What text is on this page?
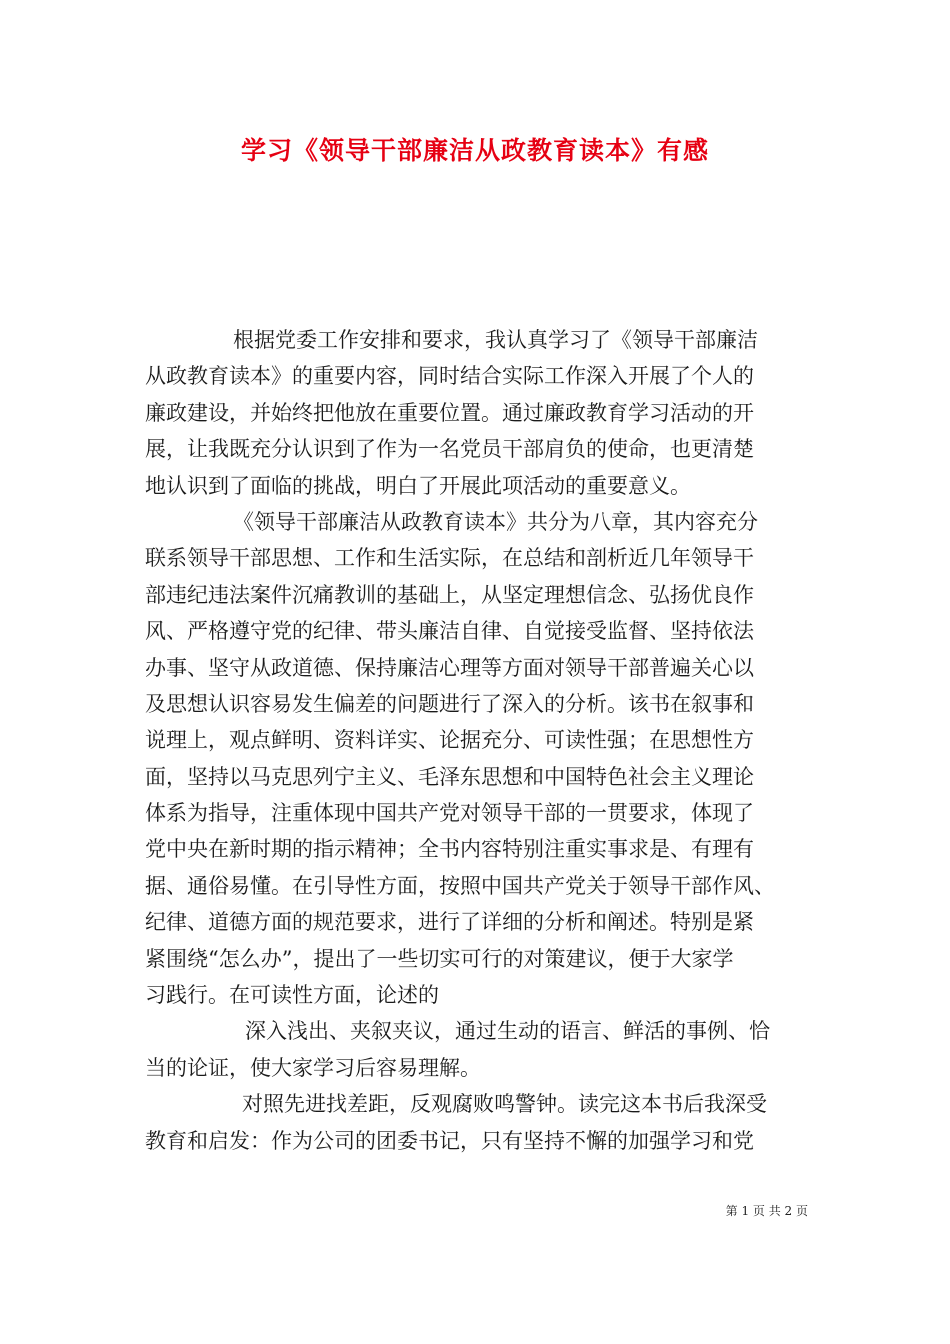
学习《领导干部廉洁从政教育读本》有感
根据党委工作安排和要求，我认真学习了《领导干部廉洁
从政教育读本》的重要内容，同时结合实际工作深入开展了个人的
廉政建设，并始终把他放在重要位置。通过廉政教育学习活动的开
展，让我既充分认识到了作为一名党员干部肩负的使命，也更清楚
地认识到了面临的挑战，明白了开展此项活动的重要意义。
《领导干部廉洁从政教育读本》共分为八章，其内容充分
联系领导干部思想、工作和生活实际，在总结和剖析近几年领导干
部违纪违法案件沉痛教训的基础上，从坚定理想信念、弘扬优良作
风、严格遵守党的纪律、带头廉洁自律、自觉接受监督、坚持依法
办事、坚守从政道德、保持廉洁心理等方面对领导干部普遍关心以
及思想认识容易发生偏差的问题进行了深入的分析。该书在叙事和
说理上，观点鲜明、资料详实、论据充分、可读性强；在思想性方
面，坚持以马克思列宁主义、毛泽东思想和中国特色社会主义理论
体系为指导，注重体现中国共产党对领导干部的一贯要求，体现了
党中央在新时期的指示精神；全书内容特别注重实事求是、有理有
据、通俗易懂。在引导性方面，按照中国共产党关于领导干部作风、
纪律、道德方面的规范要求，进行了详细的分析和阐述。特别是紧
紧围绕“怎么办”，提出了一些切实可行的对策建议，便于大家学
习践行。在可读性方面，论述的
深入浅出、夹叙夹议，通过生动的语言、鲜活的事例、恰
当的论证，使大家学习后容易理解。
对照先进找差距，反观腐败鸣警钟。读完这本书后我深受
教育和启发：作为公司的团委书记，只有坚持不懈的加强学习和党
第 1 页 共 2 页
